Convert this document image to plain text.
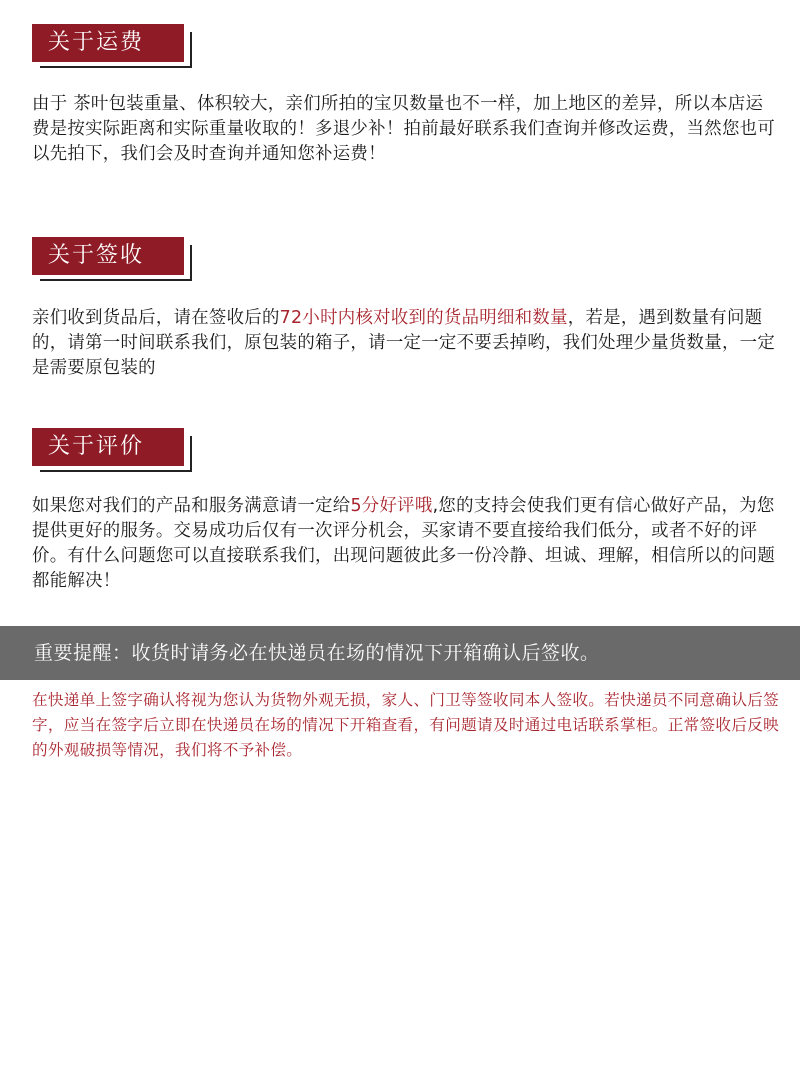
关于运费

由于 茶叶包装重量、体积较大，亲们所拍的宝贝数量也不一样，加上地区的差异，所以本店运费是按实际距离和实际重量收取的！多退少补！拍前最好联系我们查询并修改运费，当然您也可以先拍下，我们会及时查询并通知您补运费！

关于签收

亲们收到货品后，请在签收后的72小时内核对收到的货品明细和数量，若是，遇到数量有问题的，请第一时间联系我们，原包装的箱子，请一定一定不要丢掉哟，我们处理少量货数量，一定是需要原包装的

关于评价

如果您对我们的产品和服务满意请一定给5分好评哦,您的支持会使我们更有信心做好产品，为您提供更好的服务。交易成功后仅有一次评分机会，买家请不要直接给我们低分，或者不好的评价。有什么问题您可以直接联系我们，出现问题彼此多一份冷静、坦诚、理解，相信所以的问题都能解决！

重要提醒：收货时请务必在快递员在场的情况下开箱确认后签收。

在快递单上签字确认将视为您认为货物外观无损，家人、门卫等签收同本人签收。若快递员不同意确认后签字，应当在签字后立即在快递员在场的情况下开箱查看，有问题请及时通过电话联系掌柜。正常签收后反映的外观破损等情况，我们将不予补偿。
